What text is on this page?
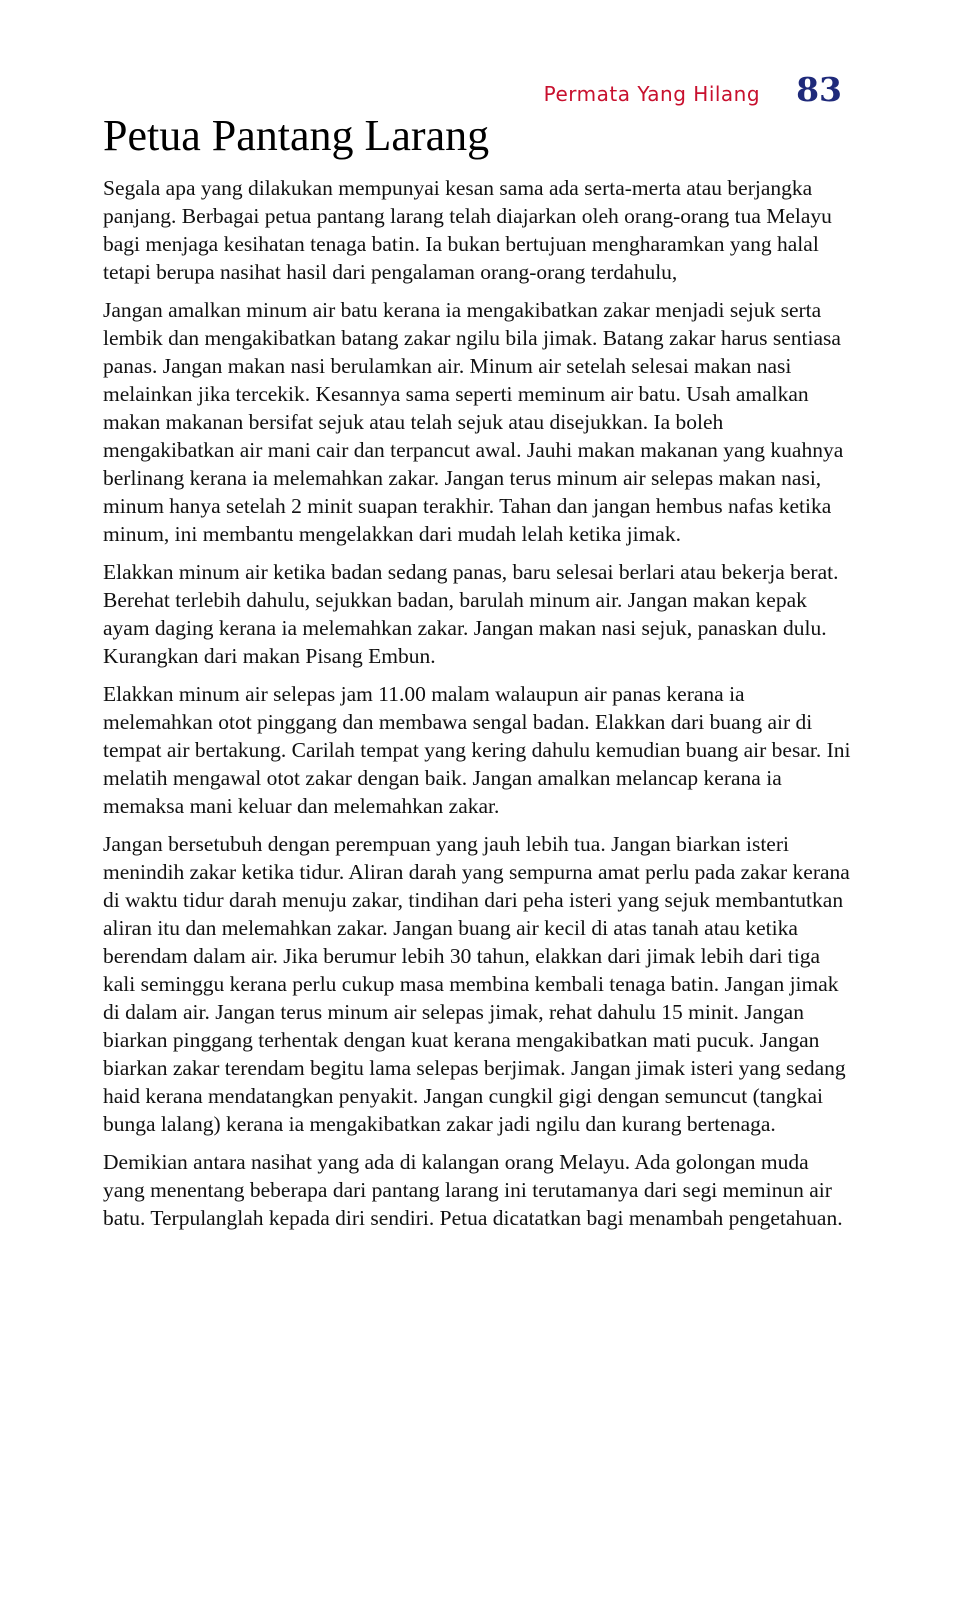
Permata Yang Hilang 83
Petua Pantang Larang

Segala apa yang dilakukan mempunyai kesan sama ada serta-merta atau berjangka panjang. Berbagai petua pantang larang telah diajarkan oleh orang-orang tua Melayu bagi menjaga kesihatan tenaga batin. Ia bukan bertujuan mengharamkan yang halal tetapi berupa nasihat hasil dari pengalaman orang-orang terdahulu,

Jangan amalkan minum air batu kerana ia mengakibatkan zakar menjadi sejuk serta lembik dan mengakibatkan batang zakar ngilu bila jimak. Batang zakar harus sentiasa panas. Jangan makan nasi berulamkan air. Minum air setelah selesai makan nasi melainkan jika tercekik. Kesannya sama seperti meminum air batu. Usah amalkan makan makanan bersifat sejuk atau telah sejuk atau disejukkan. Ia boleh mengakibatkan air mani cair dan terpancut awal. Jauhi makan makanan yang kuahnya berlinang kerana ia melemahkan zakar. Jangan terus minum air selepas makan nasi, minum hanya setelah 2 minit suapan terakhir. Tahan dan jangan hembus nafas ketika minum, ini membantu mengelakkan dari mudah lelah ketika jimak.

Elakkan minum air ketika badan sedang panas, baru selesai berlari atau bekerja berat. Berehat terlebih dahulu, sejukkan badan, barulah minum air. Jangan makan kepak ayam daging kerana ia melemahkan zakar. Jangan makan nasi sejuk, panaskan dulu. Kurangkan dari makan Pisang Embun.

Elakkan minum air selepas jam 11.00 malam walaupun air panas kerana ia melemahkan otot pinggang dan membawa sengal badan. Elakkan dari buang air di tempat air bertakung. Carilah tempat yang kering dahulu kemudian buang air besar. Ini melatih mengawal otot zakar dengan baik. Jangan amalkan melancap kerana ia memaksa mani keluar dan melemahkan zakar.

Jangan bersetubuh dengan perempuan yang jauh lebih tua. Jangan biarkan isteri menindih zakar ketika tidur. Aliran darah yang sempurna amat perlu pada zakar kerana di waktu tidur darah menuju zakar, tindihan dari peha isteri yang sejuk membantutkan aliran itu dan melemahkan zakar. Jangan buang air kecil di atas tanah atau ketika berendam dalam air. Jika berumur lebih 30 tahun, elakkan dari jimak lebih dari tiga kali seminggu kerana perlu cukup masa membina kembali tenaga batin. Jangan jimak di dalam air. Jangan terus minum air selepas jimak, rehat dahulu 15 minit. Jangan biarkan pinggang terhentak dengan kuat kerana mengakibatkan mati pucuk. Jangan biarkan zakar terendam begitu lama selepas berjimak. Jangan jimak isteri yang sedang haid kerana mendatangkan penyakit. Jangan cungkil gigi dengan semuncut (tangkai bunga lalang) kerana ia mengakibatkan zakar jadi ngilu dan kurang bertenaga.

Demikian antara nasihat yang ada di kalangan orang Melayu. Ada golongan muda yang menentang beberapa dari pantang larang ini terutamanya dari segi meminun air batu. Terpulanglah kepada diri sendiri. Petua dicatatkan bagi menambah pengetahuan.
